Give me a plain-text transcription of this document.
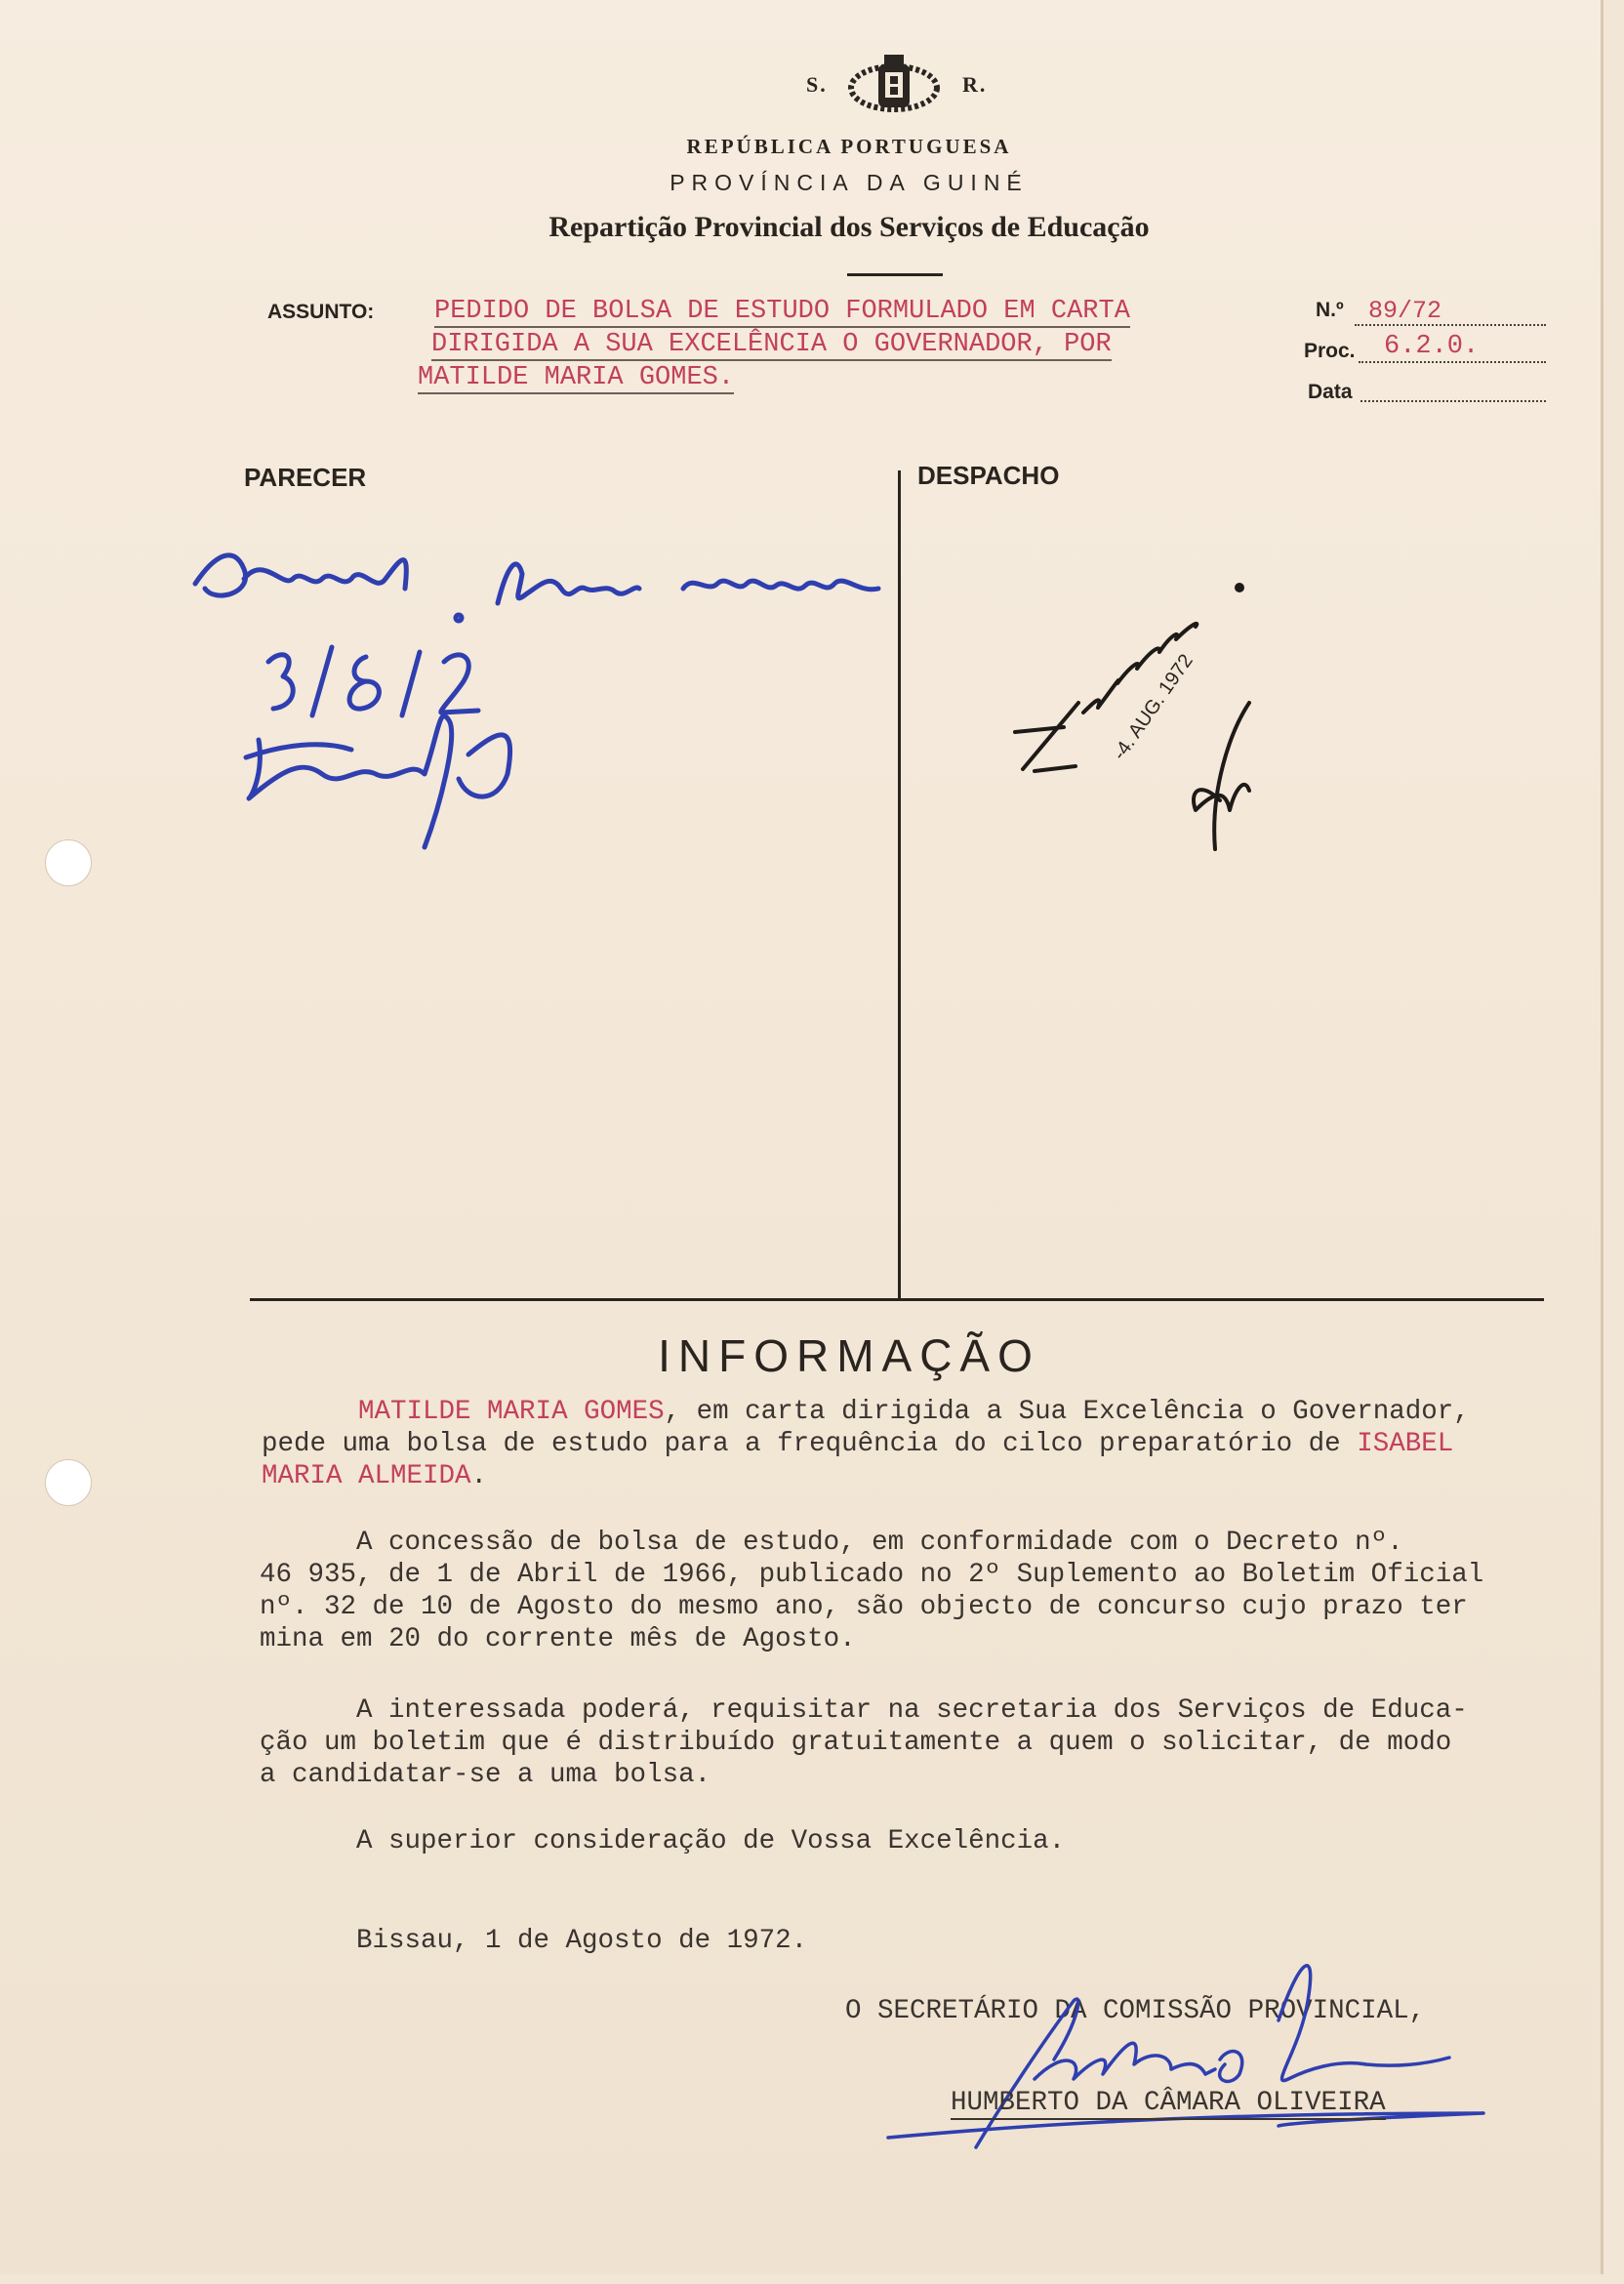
S.	R.
REPÚBLICA PORTUGUESA
PROVÍNCIA DA GUINÉ
Repartição Provincial dos Serviços de Educação
ASSUNTO: PEDIDO DE BOLSA DE ESTUDO FORMULADO EM CARTA
DIRIGIDA A SUA EXCELÊNCIA O GOVERNADOR, POR
MATILDE MARIA GOMES.
N.º	89/72
Proc.	6.2.0.
Data
PARECER	DESPACHO
-4. AUG. 1972
INFORMAÇÃO
MATILDE MARIA GOMES, em carta dirigida a Sua Excelência o Governador,
pede uma bolsa de estudo para a frequência do cilco preparatório de ISABEL
MARIA ALMEIDA.
A concessão de bolsa de estudo, em conformidade com o Decreto nº.
46 935, de 1 de Abril de 1966, publicado no 2º Suplemento ao Boletim Oficial
nº. 32 de 10 de Agosto do mesmo ano, são objecto de concurso cujo prazo ter
mina em 20 do corrente mês de Agosto.
A interessada poderá, requisitar na secretaria dos Serviços de Educa-
ção um boletim que é distribuído gratuitamente a quem o solicitar, de modo
a candidatar-se a uma bolsa.
A superior consideração de Vossa Excelência.
Bissau, 1 de Agosto de 1972.
O SECRETÁRIO DA COMISSÃO PROVINCIAL,
HUMBERTO DA CÂMARA OLIVEIRA
